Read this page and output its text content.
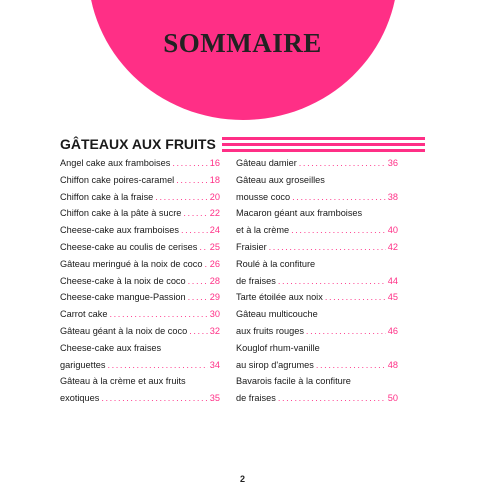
SOMMAIRE
GÂTEAUX AUX FRUITS
Angel cake aux framboises .....	16
Chiffon cake poires-caramel .....	18
Chiffon cake à la fraise .....	20
Chiffon cake à la pâte à sucre .....	22
Cheese-cake aux framboises .....	24
Cheese-cake au coulis de cerises ..... 25
Gâteau meringué à la noix de coco ..... 26
Cheese-cake à la noix de coco .....	28
Cheese-cake mangue-Passion .....	29
Carrot cake .....	30
Gâteau géant à la noix de coco ..... 32
Cheese-cake aux fraises
gariguettes .....	34
Gâteau à la crème et aux fruits
exotiques .....	35
Gâteau damier .....	36
Gâteau aux groseilles
mousse coco .....	38
Macaron géant aux framboises
et à la crème .....	40
Fraisier .....	42
Roulé à la confiture
de fraises .....	44
Tarte étoilée aux noix .....	45
Gâteau multicouche
aux fruits rouges .....	46
Kouglof rhum-vanille
au sirop d'agrumes .....	48
Bavarois facile à la confiture
de fraises .....	50
2
